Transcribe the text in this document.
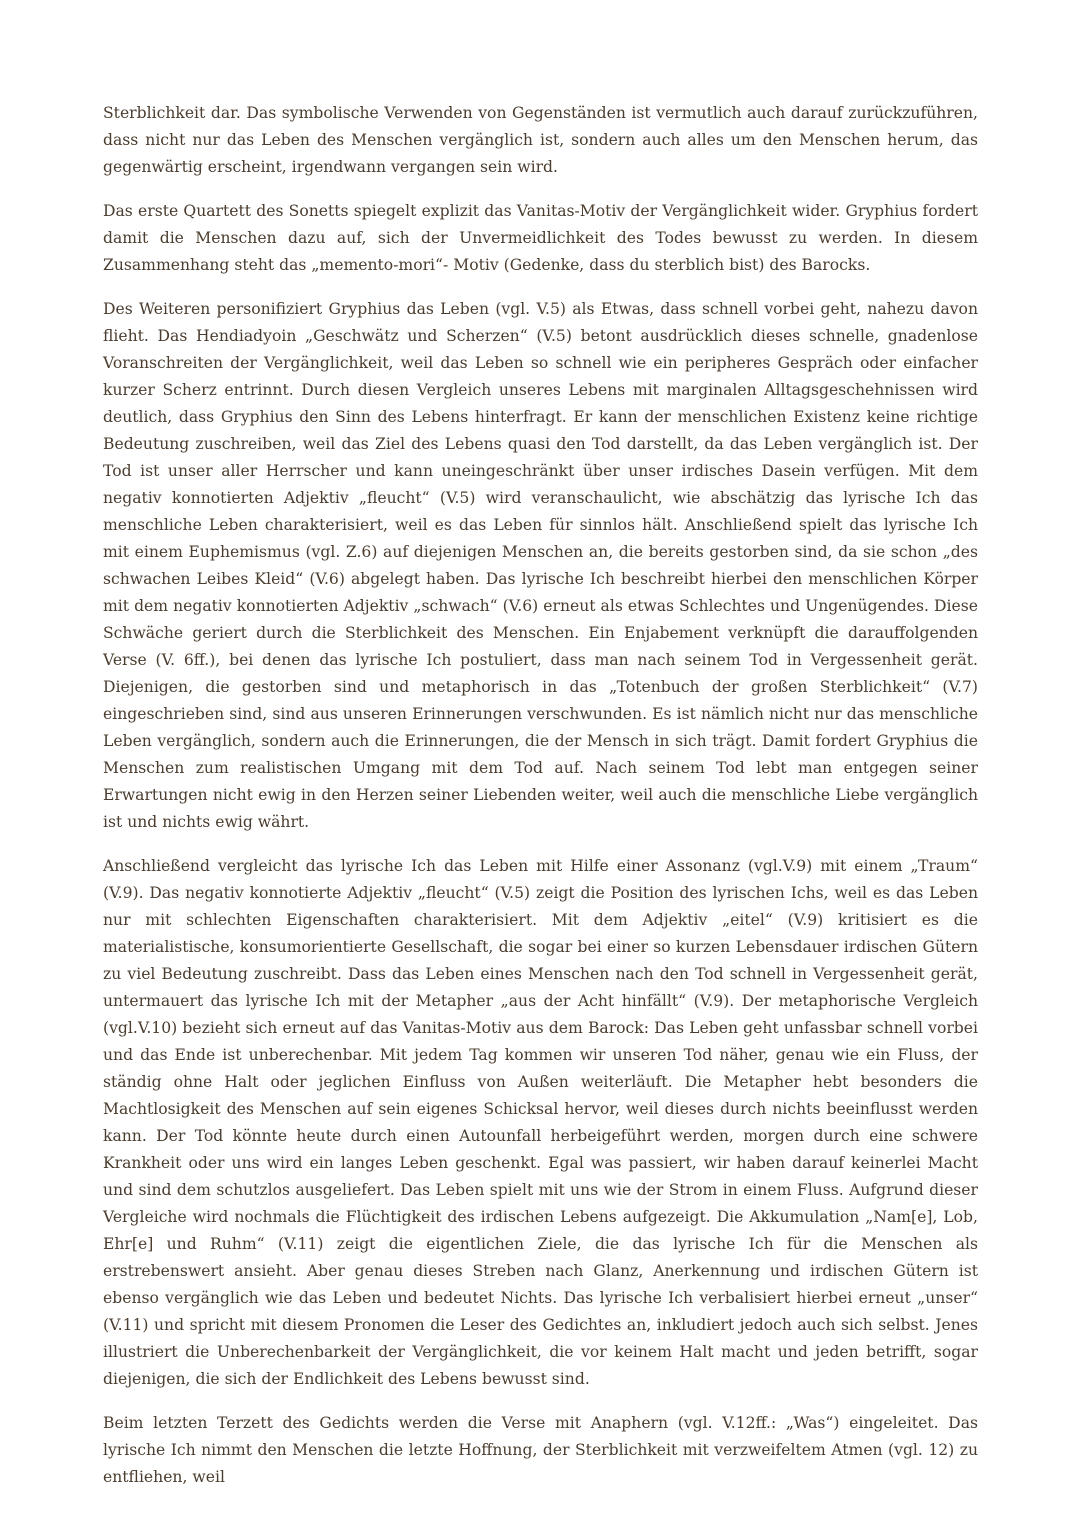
Sterblichkeit dar. Das symbolische Verwenden von Gegenständen ist vermutlich auch darauf zurückzuführen, dass nicht nur das Leben des Menschen vergänglich ist, sondern auch alles um den Menschen herum, das gegenwärtig erscheint, irgendwann vergangen sein wird.

Das erste Quartett des Sonetts spiegelt explizit das Vanitas-Motiv der Vergänglichkeit wider. Gryphius fordert damit die Menschen dazu auf, sich der Unvermeidlichkeit des Todes bewusst zu werden. In diesem Zusammenhang steht das „memento-mori“- Motiv (Gedenke, dass du sterblich bist) des Barocks.

Des Weiteren personifiziert Gryphius das Leben (vgl. V.5) als Etwas, dass schnell vorbei geht, nahezu davon flieht. Das Hendiadyoin „Geschwätz und Scherzen“ (V.5) betont ausdrücklich dieses schnelle, gnadenlose Voranschreiten der Vergänglichkeit, weil das Leben so schnell wie ein peripheres Gespräch oder einfacher kurzer Scherz entrinnt. Durch diesen Vergleich unseres Lebens mit marginalen Alltagsgeschehnissen wird deutlich, dass Gryphius den Sinn des Lebens hinterfragt. Er kann der menschlichen Existenz keine richtige Bedeutung zuschreiben, weil das Ziel des Lebens quasi den Tod darstellt, da das Leben vergänglich ist. Der Tod ist unser aller Herrscher und kann uneingeschränkt über unser irdisches Dasein verfügen. Mit dem negativ konnotierten Adjektiv „fleucht“ (V.5) wird veranschaulicht, wie abschätzig das lyrische Ich das menschliche Leben charakterisiert, weil es das Leben für sinnlos hält. Anschließend spielt das lyrische Ich mit einem Euphemismus (vgl. Z.6) auf diejenigen Menschen an, die bereits gestorben sind, da sie schon „des schwachen Leibes Kleid“ (V.6) abgelegt haben. Das lyrische Ich beschreibt hierbei den menschlichen Körper mit dem negativ konnotierten Adjektiv „schwach“ (V.6) erneut als etwas Schlechtes und Ungenügendes. Diese Schwäche geriert durch die Sterblichkeit des Menschen. Ein Enjabement verknüpft die darauffolgenden Verse (V. 6ff.), bei denen das lyrische Ich postuliert, dass man nach seinem Tod in Vergessenheit gerät. Diejenigen, die gestorben sind und metaphorisch in das „Totenbuch der großen Sterblichkeit“ (V.7) eingeschrieben sind, sind aus unseren Erinnerungen verschwunden. Es ist nämlich nicht nur das menschliche Leben vergänglich, sondern auch die Erinnerungen, die der Mensch in sich trägt. Damit fordert Gryphius die Menschen zum realistischen Umgang mit dem Tod auf. Nach seinem Tod lebt man entgegen seiner Erwartungen nicht ewig in den Herzen seiner Liebenden weiter, weil auch die menschliche Liebe vergänglich ist und nichts ewig währt.

Anschließend vergleicht das lyrische Ich das Leben mit Hilfe einer Assonanz (vgl.V.9) mit einem „Traum“ (V.9). Das negativ konnotierte Adjektiv „fleucht“ (V.5) zeigt die Position des lyrischen Ichs, weil es das Leben nur mit schlechten Eigenschaften charakterisiert. Mit dem Adjektiv „eitel“ (V.9) kritisiert es die materialistische, konsumorientierte Gesellschaft, die sogar bei einer so kurzen Lebensdauer irdischen Gütern zu viel Bedeutung zuschreibt. Dass das Leben eines Menschen nach den Tod schnell in Vergessenheit gerät, untermauert das lyrische Ich mit der Metapher „aus der Acht hinfällt“ (V.9). Der metaphorische Vergleich (vgl.V.10) bezieht sich erneut auf das Vanitas-Motiv aus dem Barock: Das Leben geht unfassbar schnell vorbei und das Ende ist unberechenbar. Mit jedem Tag kommen wir unseren Tod näher, genau wie ein Fluss, der ständig ohne Halt oder jeglichen Einfluss von Außen weiterläuft. Die Metapher hebt besonders die Machtlosigkeit des Menschen auf sein eigenes Schicksal hervor, weil dieses durch nichts beeinflusst werden kann. Der Tod könnte heute durch einen Autounfall herbeigeführt werden, morgen durch eine schwere Krankheit oder uns wird ein langes Leben geschenkt. Egal was passiert, wir haben darauf keinerlei Macht und sind dem schutzlos ausgeliefert. Das Leben spielt mit uns wie der Strom in einem Fluss. Aufgrund dieser Vergleiche wird nochmals die Flüchtigkeit des irdischen Lebens aufgezeigt. Die Akkumulation „Nam[e], Lob, Ehr[e] und Ruhm“ (V.11) zeigt die eigentlichen Ziele, die das lyrische Ich für die Menschen als erstrebenswert ansieht. Aber genau dieses Streben nach Glanz, Anerkennung und irdischen Gütern ist ebenso vergänglich wie das Leben und bedeutet Nichts. Das lyrische Ich verbalisiert hierbei erneut „unser“ (V.11) und spricht mit diesem Pronomen die Leser des Gedichtes an, inkludiert jedoch auch sich selbst. Jenes illustriert die Unberechenbarkeit der Vergänglichkeit, die vor keinem Halt macht und jeden betrifft, sogar diejenigen, die sich der Endlichkeit des Lebens bewusst sind.

Beim letzten Terzett des Gedichts werden die Verse mit Anaphern (vgl. V.12ff.: „Was“) eingeleitet. Das lyrische Ich nimmt den Menschen die letzte Hoffnung, der Sterblichkeit mit verzweifeltem Atmen (vgl. 12) zu entfliehen, weil
